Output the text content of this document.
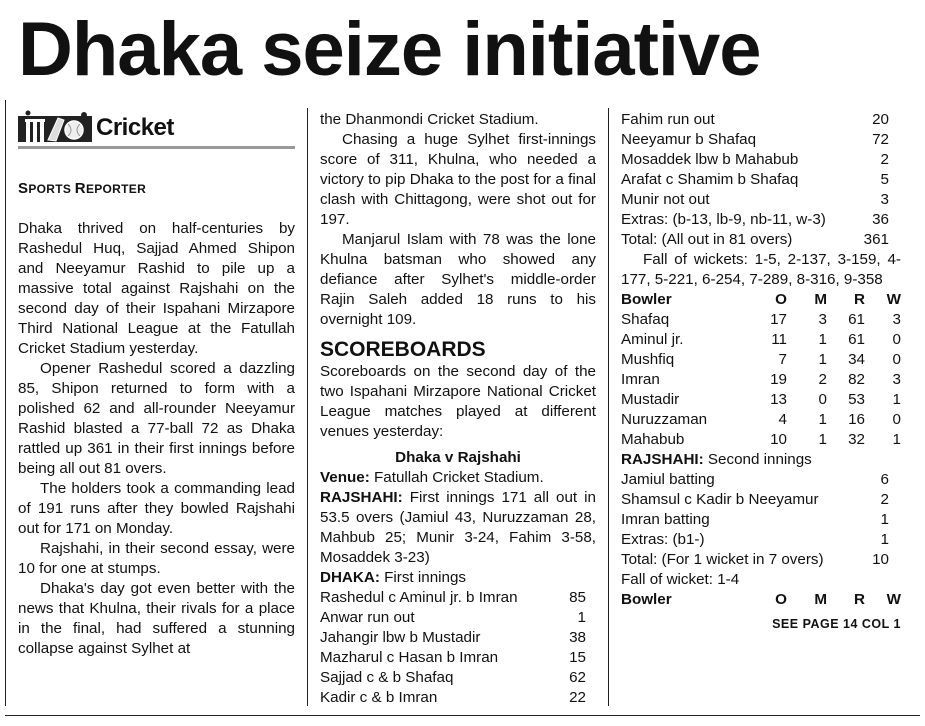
Dhaka seize initiative
Cricket
SPORTS REPORTER

Dhaka thrived on half-centuries by Rashedul Huq, Sajjad Ahmed Shipon and Neeyamur Rashid to pile up a massive total against Rajshahi on the second day of their Ispahani Mirzapore Third National League at the Fatullah Cricket Stadium yesterday.

Opener Rashedul scored a dazzling 85, Shipon returned to form with a polished 62 and all-rounder Neeyamur Rashid blasted a 77-ball 72 as Dhaka rattled up 361 in their first innings before being all out 81 overs.

The holders took a commanding lead of 191 runs after they bowled Rajshahi out for 171 on Monday.

Rajshahi, in their second essay, were 10 for one at stumps.

Dhaka's day got even better with the news that Khulna, their rivals for a place in the final, had suffered a stunning collapse against Sylhet at

the Dhanmondi Cricket Stadium.

Chasing a huge Sylhet first-innings score of 311, Khulna, who needed a victory to pip Dhaka to the post for a final clash with Chittagong, were shot out for 197.

Manjarul Islam with 78 was the lone Khulna batsman who showed any defiance after Sylhet's middle-order Rajin Saleh added 18 runs to his overnight 109.

SCOREBOARDS

Scoreboards on the second day of the two Ispahani Mirzapore National Cricket League matches played at different venues yesterday:

Dhaka v Rajshahi

Venue: Fatullah Cricket Stadium.

RAJSHAHI: First innings 171 all out in 53.5 overs (Jamiul 43, Nuruzzaman 28, Mahbub 25; Munir 3-24, Fahim 3-58, Mosaddek 3-23)

DHAKA: First innings

Rashedul c Aminul jr. b Imran	85
Anwar run out	1
Jahangir lbw b Mustadir	38
Mazharul c Hasan b Imran	15
Sajjad c & b Shafaq	62
Kadir c & b Imran	22
Fahim run out	20
Neeyamur b Shafaq	72
Mosaddek lbw b Mahabub	2
Arafat c Shamim b Shafaq	5
Munir not out	3
Extras: (b-13, lb-9, nb-11, w-3)	36
Total: (All out in 81 overs)	361

Fall of wickets: 1-5, 2-137, 3-159, 4-177, 5-221, 6-254, 7-289, 8-316, 9-358

Bowler	O	M	R	W
Shafaq	17	3	61	3
Aminul jr.	11	1	61	0
Mushfiq	7	1	34	0
Imran	19	2	82	3
Mustadir	13	0	53	1
Nuruzzaman	4	1	16	0
Mahabub	10	1	32	1

RAJSHAHI: Second innings

Jamiul batting	6
Shamsul c Kadir b Neeyamur	2
Imran batting	1
Extras: (b1-)	1
Total: (For 1 wicket in 7 overs)	10

Fall of wicket: 1-4

Bowler	O	M	R	W
SEE PAGE 14 COL 1
